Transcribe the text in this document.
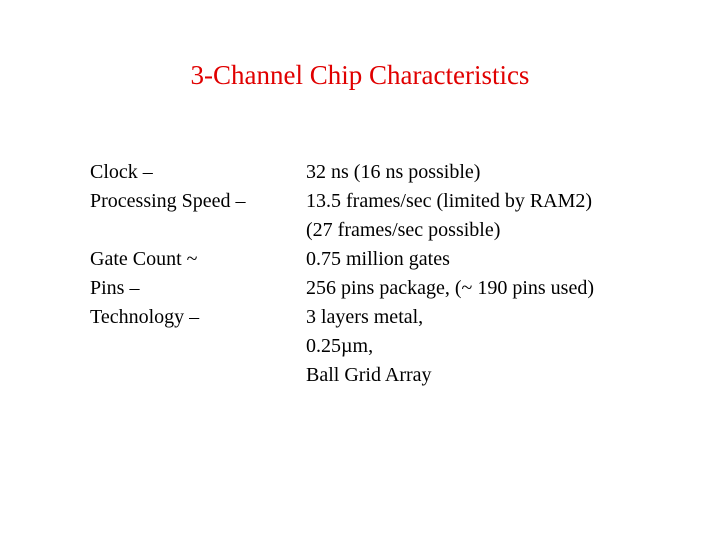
3-Channel Chip Characteristics
Clock –
Processing Speed –
Gate Count ~
Pins –
Technology –
32 ns (16 ns possible)
13.5 frames/sec (limited by RAM2)
(27 frames/sec possible)
0.75 million gates
256 pins package, (~ 190 pins used)
3 layers metal,
0.25µm,
Ball Grid Array
